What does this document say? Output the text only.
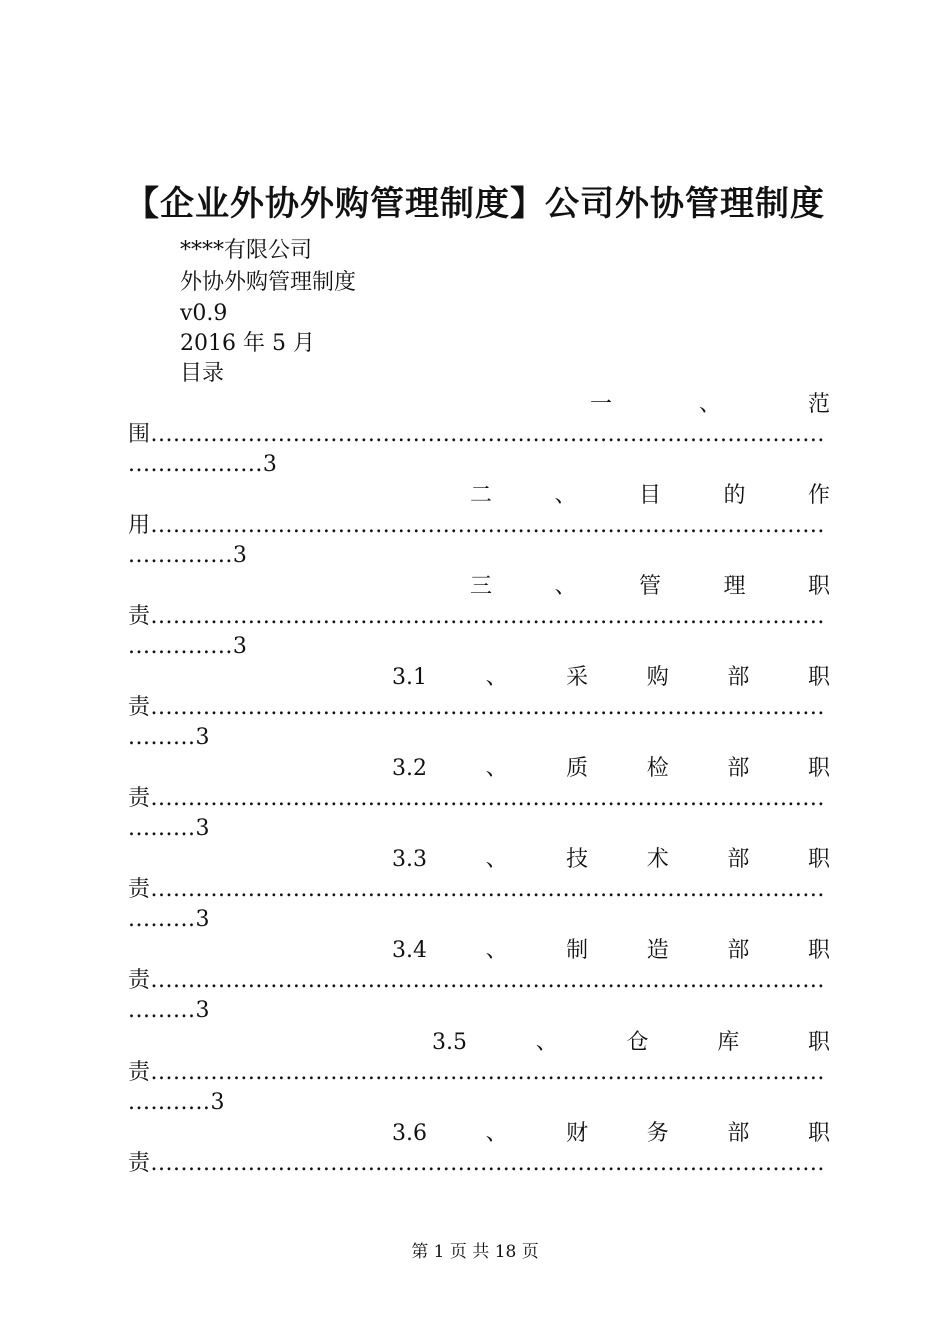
【企业外协外购管理制度】公司外协管理制度
****有限公司
外协外购管理制度
v0.9
2016 年 5 月
目录
一	、	范
围..........................................................................................
..................3
二	、	目	的	作
用..........................................................................................
..............3
三	、	管	理	职
责..........................................................................................
..............3
3.1	、	采	购	部	职
责..........................................................................................
.........3
3.2	、	质	检	部	职
责..........................................................................................
.........3
3.3	、	技	术	部	职
责..........................................................................................
.........3
3.4	、	制	造	部	职
责..........................................................................................
.........3
3.5	、	仓	库	职
责..........................................................................................
...........3
3.6	、	财	务	部	职
责..........................................................................................
第 1 页 共 18 页
